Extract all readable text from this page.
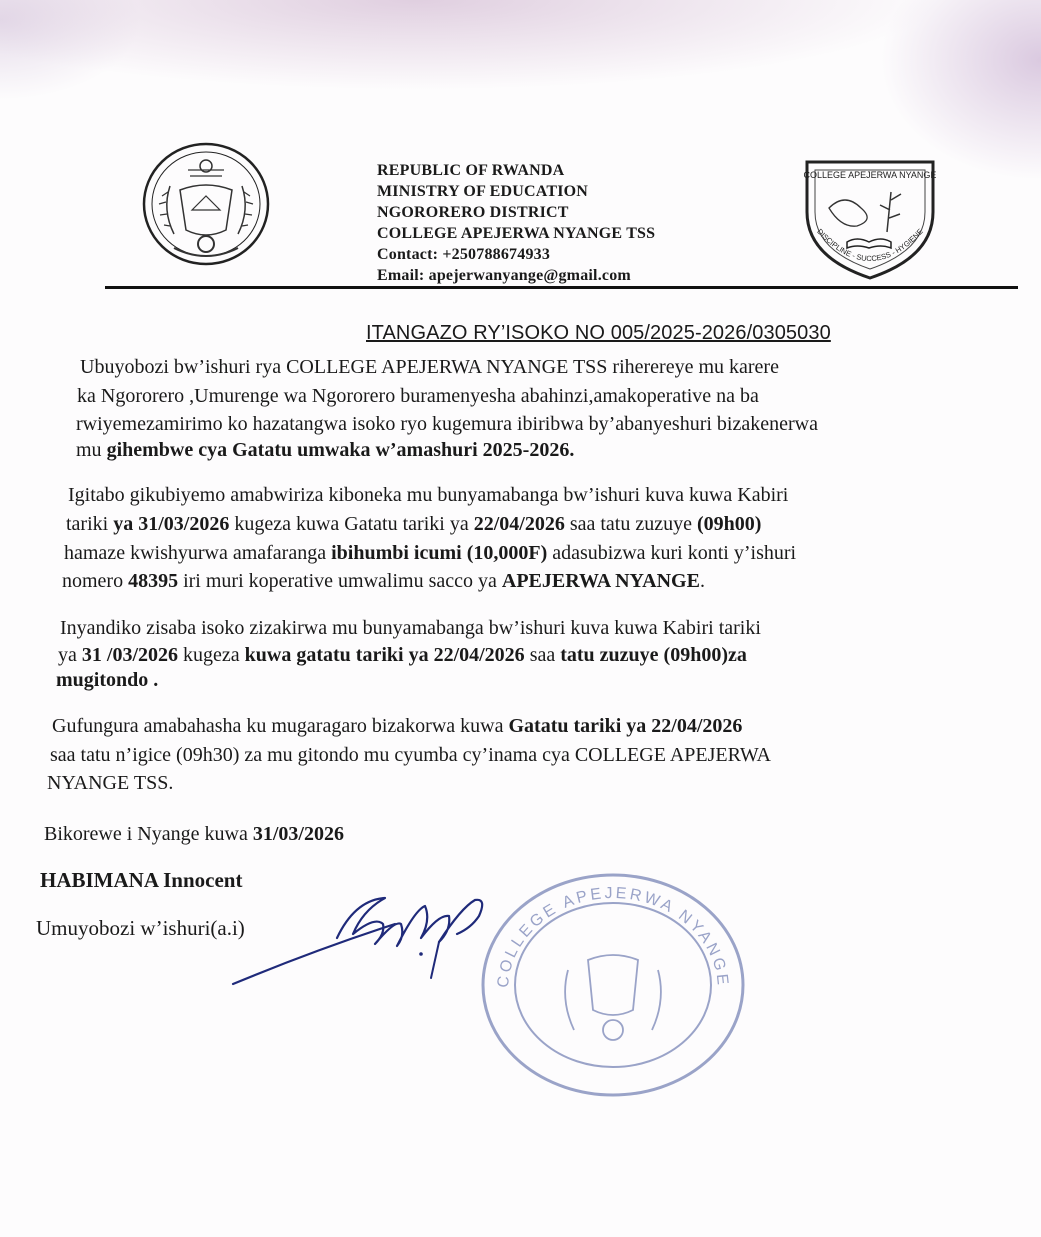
REPUBLIC OF RWANDA
MINISTRY OF EDUCATION
NGORORERO DISTRICT
COLLEGE APEJERWA NYANGE TSS
Contact: +250788674933
Email: apejerwanyange@gmail.com
COLLEGE APEJERWA NYANGE
DISCIPLINE - SUCCESS - HYGIENE
ITANGAZO RY’ISOKO NO 005/2025-2026/0305030
Ubuyobozi bw’ishuri rya COLLEGE APEJERWA NYANGE TSS riherereye mu karere
ka Ngororero ,Umurenge wa Ngororero buramenyesha abahinzi,amakoperative na ba
rwiyemezamirimo ko hazatangwa isoko ryo kugemura ibiribwa by’abanyeshuri bizakenerwa
mu gihembwe cya Gatatu umwaka w’amashuri 2025-2026.
Igitabo gikubiyemo amabwiriza kiboneka mu bunyamabanga bw’ishuri kuva kuwa Kabiri
tariki ya 31/03/2026 kugeza kuwa Gatatu tariki ya 22/04/2026 saa tatu zuzuye (09h00)
hamaze kwishyurwa amafaranga ibihumbi icumi (10,000F) adasubizwa kuri konti y’ishuri
nomero 48395 iri muri koperative umwalimu sacco ya APEJERWA NYANGE.
Inyandiko zisaba isoko zizakirwa mu bunyamabanga bw’ishuri kuva kuwa Kabiri tariki
ya 31 /03/2026 kugeza kuwa gatatu tariki ya 22/04/2026 saa tatu zuzuye (09h00)za
mugitondo .
Gufungura amabahasha ku mugaragaro bizakorwa kuwa Gatatu tariki ya 22/04/2026
saa tatu n’igice (09h30) za mu gitondo mu cyumba cy’inama cya COLLEGE APEJERWA
NYANGE TSS.
Bikorewe i Nyange kuwa 31/03/2026
HABIMANA Innocent
Umuyobozi w’ishuri(a.i)
COLLEGE APEJERWA NYANGE
